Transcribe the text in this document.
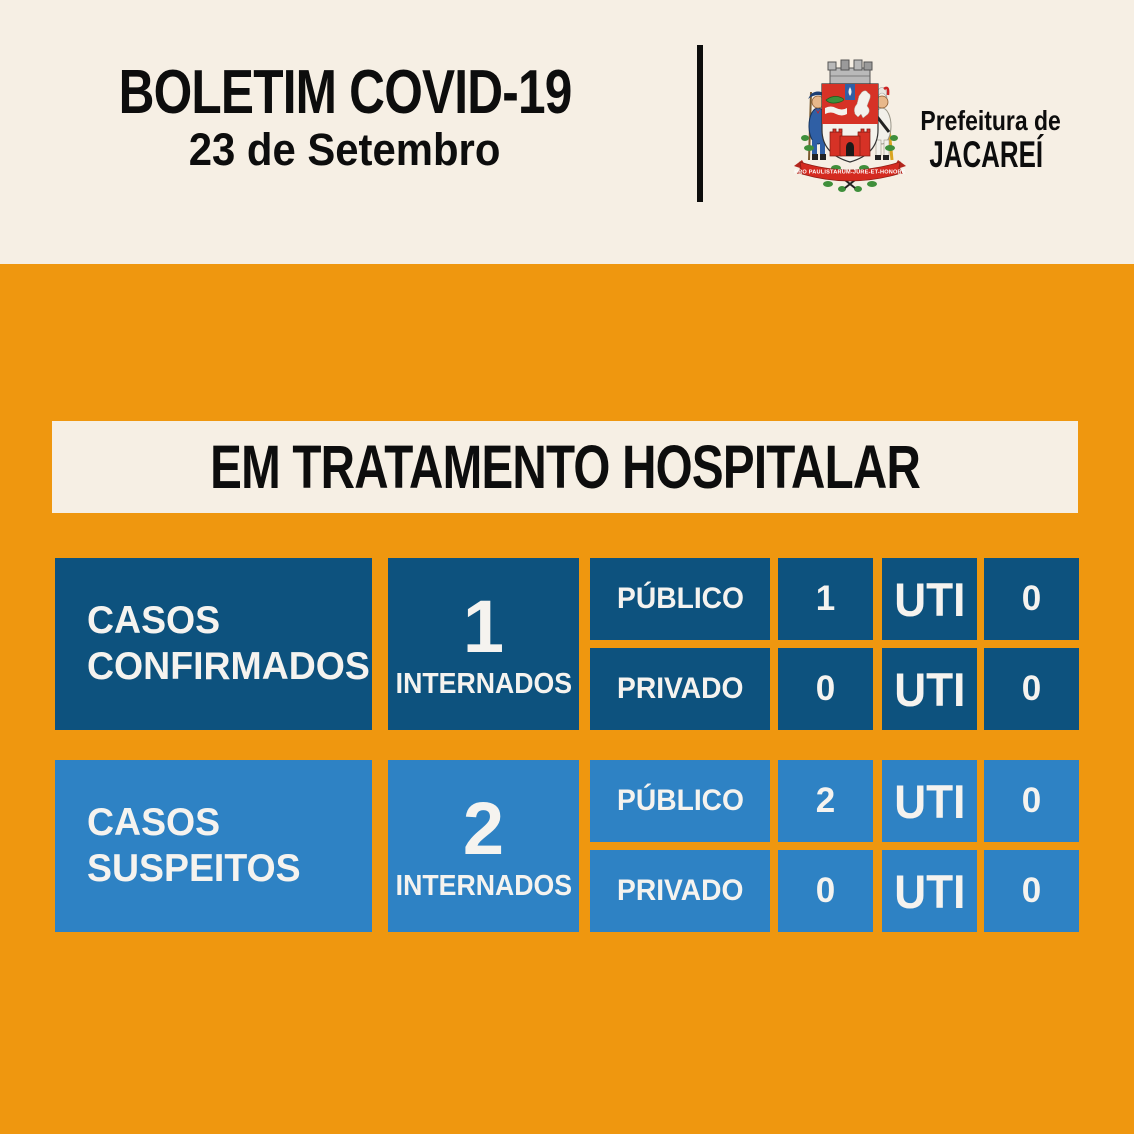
BOLETIM COVID-19
23 de Setembro	PRO PAULISTARUM-JURE-ET-HONORE
Prefeitura de
JACAREÍ
EM TRATAMENTO HOSPITALAR
CASOS
CONFIRMADOS 1
INTERNADOS
PÚBLICO 1 UTI 0
PRIVADO 0 UTI 0
CASOS
SUSPEITOS 2
INTERNADOS
PÚBLICO 2 UTI 0
PRIVADO 0 UTI 0
